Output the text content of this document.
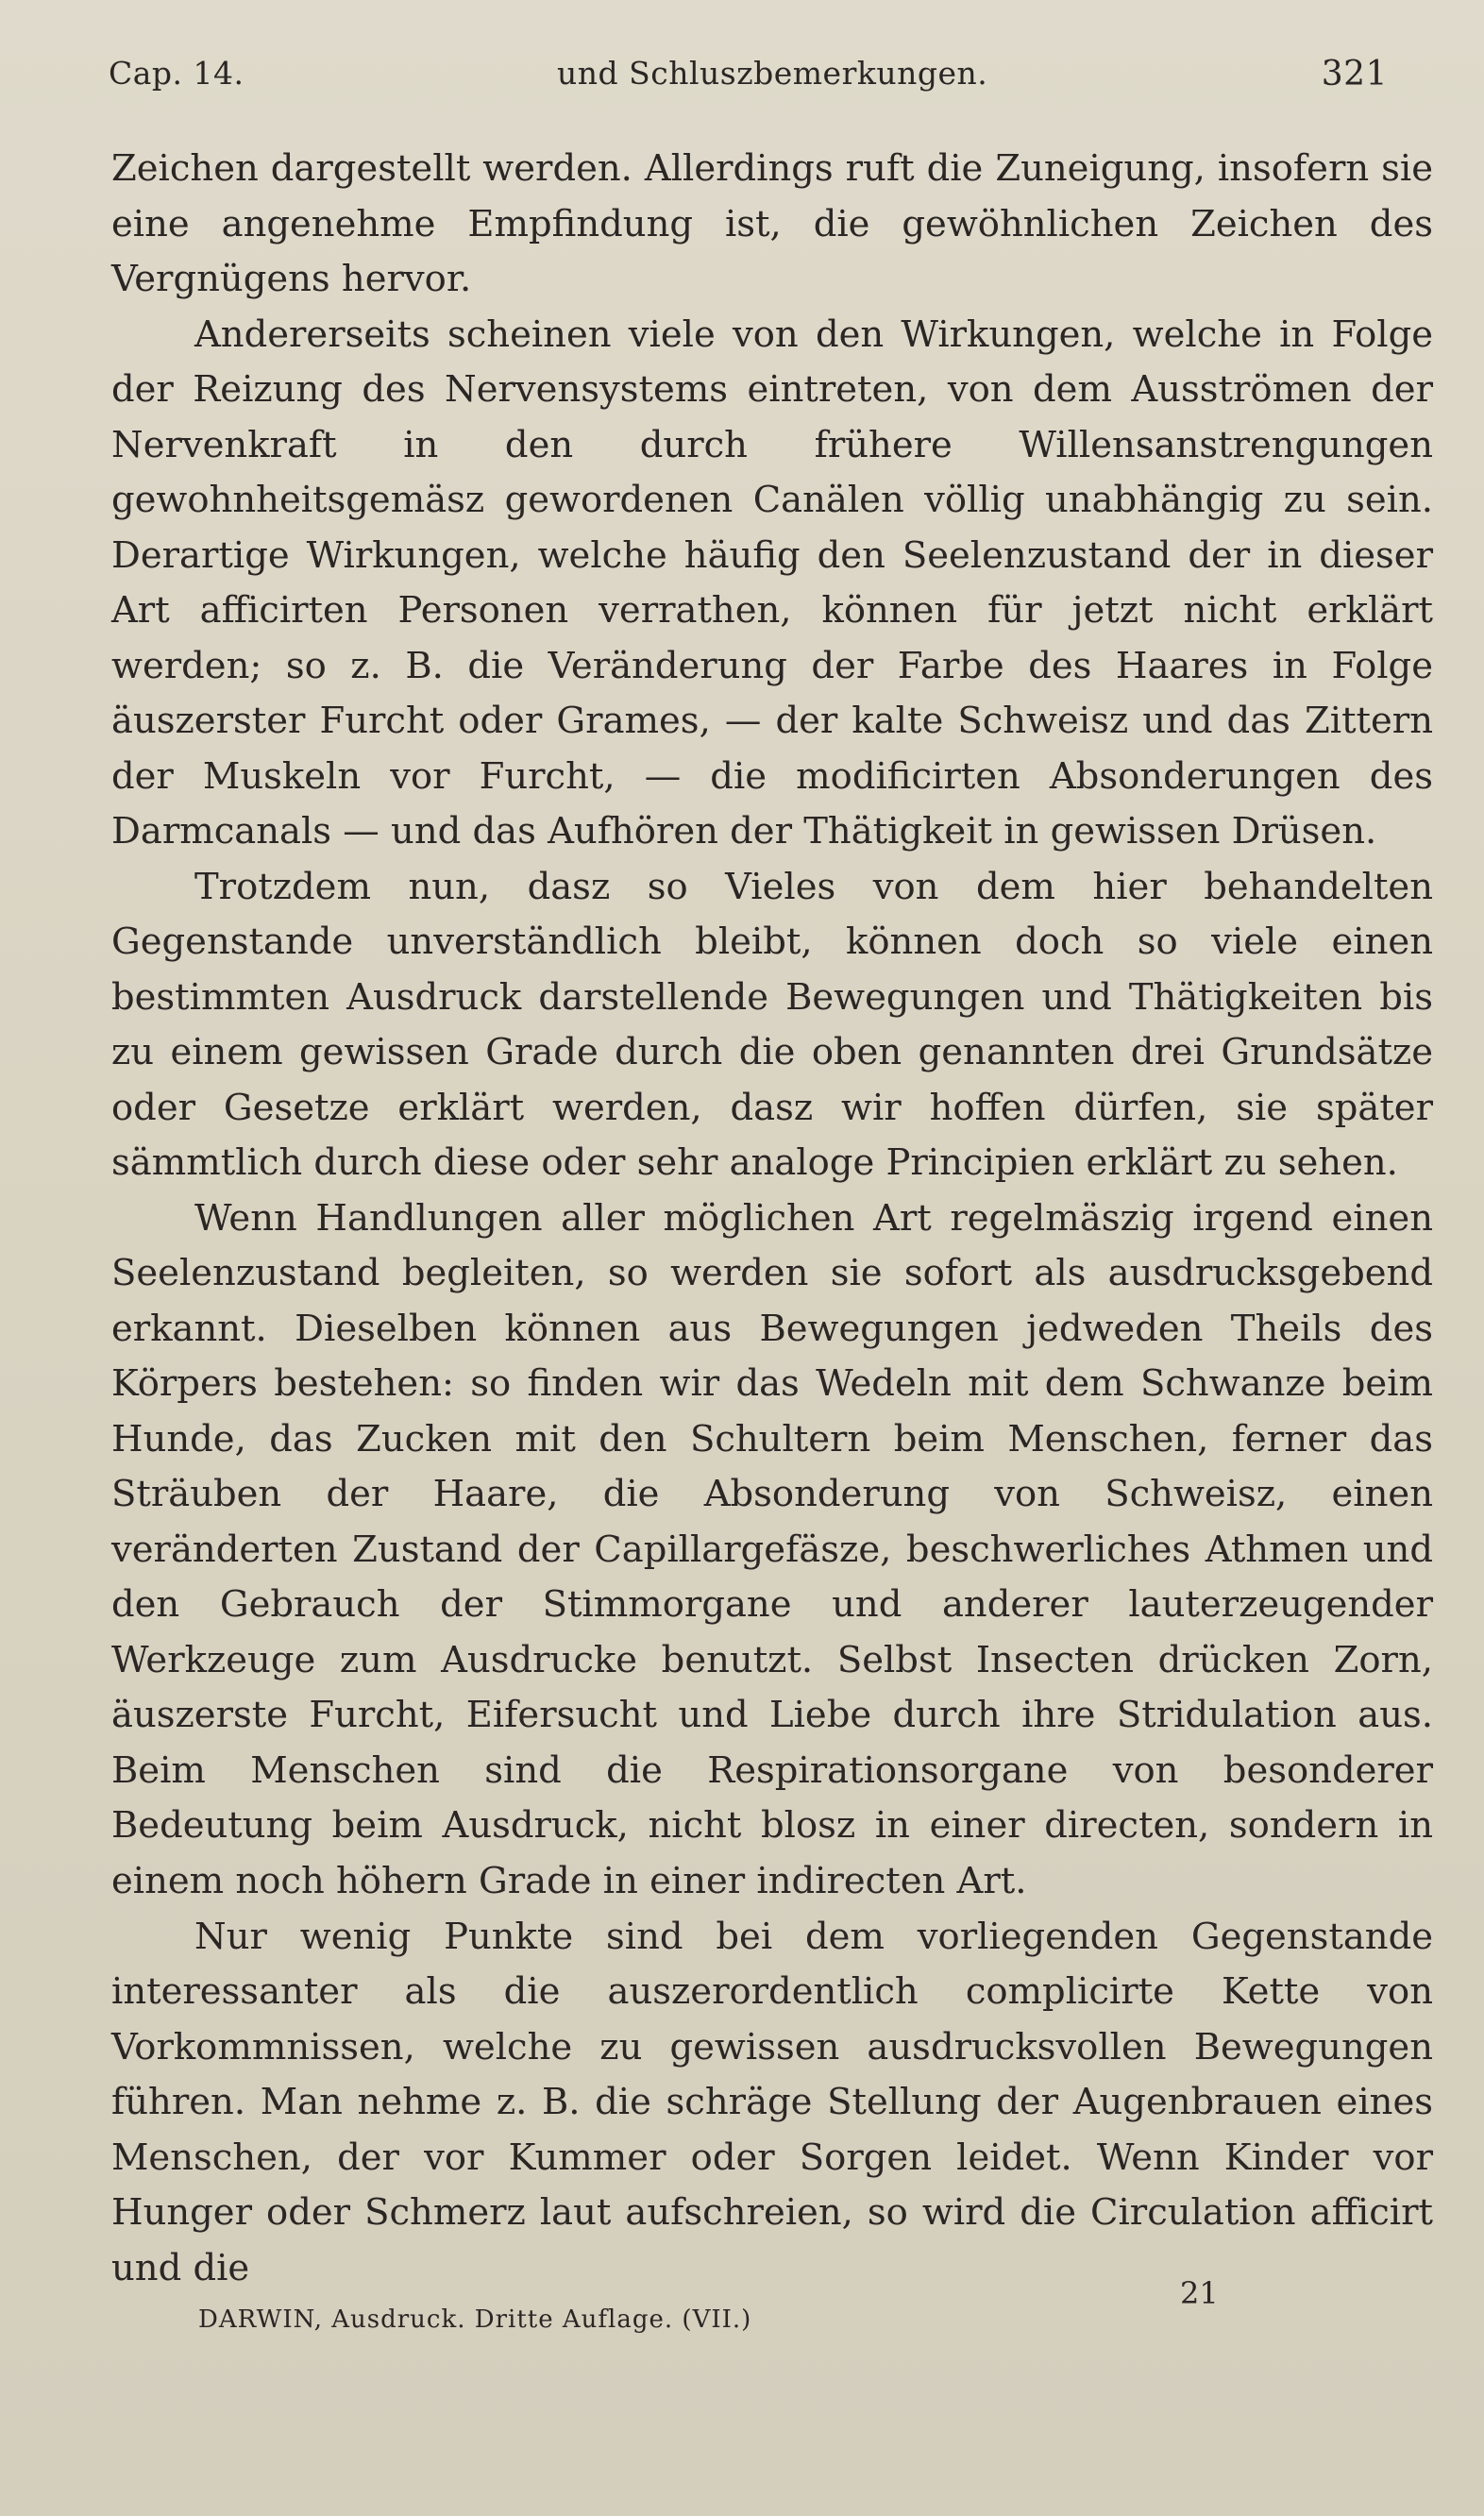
Cap. 14.	und Schluszbemerkungen.	321

Zeichen dargestellt werden. Allerdings ruft die Zuneigung, insofern sie eine angenehme Empfindung ist, die gewöhnlichen Zeichen des Vergnügens hervor.

Andererseits scheinen viele von den Wirkungen, welche in Folge der Reizung des Nervensystems eintreten, von dem Ausströmen der Nervenkraft in den durch frühere Willensanstrengungen gewohnheitsgemäsz gewordenen Canälen völlig unabhängig zu sein. Derartige Wirkungen, welche häufig den Seelenzustand der in dieser Art afficirten Personen verrathen, können für jetzt nicht erklärt werden; so z. B. die Veränderung der Farbe des Haares in Folge äuszerster Furcht oder Grames, — der kalte Schweisz und das Zittern der Muskeln vor Furcht, — die modificirten Absonderungen des Darmcanals — und das Aufhören der Thätigkeit in gewissen Drüsen.

Trotzdem nun, dasz so Vieles von dem hier behandelten Gegenstande unverständlich bleibt, können doch so viele einen bestimmten Ausdruck darstellende Bewegungen und Thätigkeiten bis zu einem gewissen Grade durch die oben genannten drei Grundsätze oder Gesetze erklärt werden, dasz wir hoffen dürfen, sie später sämmtlich durch diese oder sehr analoge Principien erklärt zu sehen.

Wenn Handlungen aller möglichen Art regelmäszig irgend einen Seelenzustand begleiten, so werden sie sofort als ausdrucksgebend erkannt. Dieselben können aus Bewegungen jedweden Theils des Körpers bestehen: so finden wir das Wedeln mit dem Schwanze beim Hunde, das Zucken mit den Schultern beim Menschen, ferner das Sträuben der Haare, die Absonderung von Schweisz, einen veränderten Zustand der Capillargefäsze, beschwerliches Athmen und den Gebrauch der Stimmorgane und anderer lauterzeugender Werkzeuge zum Ausdrucke benutzt. Selbst Insecten drücken Zorn, äuszerste Furcht, Eifersucht und Liebe durch ihre Stridulation aus. Beim Menschen sind die Respirationsorgane von besonderer Bedeutung beim Ausdruck, nicht blosz in einer directen, sondern in einem noch höhern Grade in einer indirecten Art.

Nur wenig Punkte sind bei dem vorliegenden Gegenstande interessanter als die auszerordentlich complicirte Kette von Vorkommnissen, welche zu gewissen ausdrucksvollen Bewegungen führen. Man nehme z. B. die schräge Stellung der Augenbrauen eines Menschen, der vor Kummer oder Sorgen leidet. Wenn Kinder vor Hunger oder Schmerz laut aufschreien, so wird die Circulation afficirt und die

DARWIN, Ausdruck. Dritte Auflage. (VII.)
21
